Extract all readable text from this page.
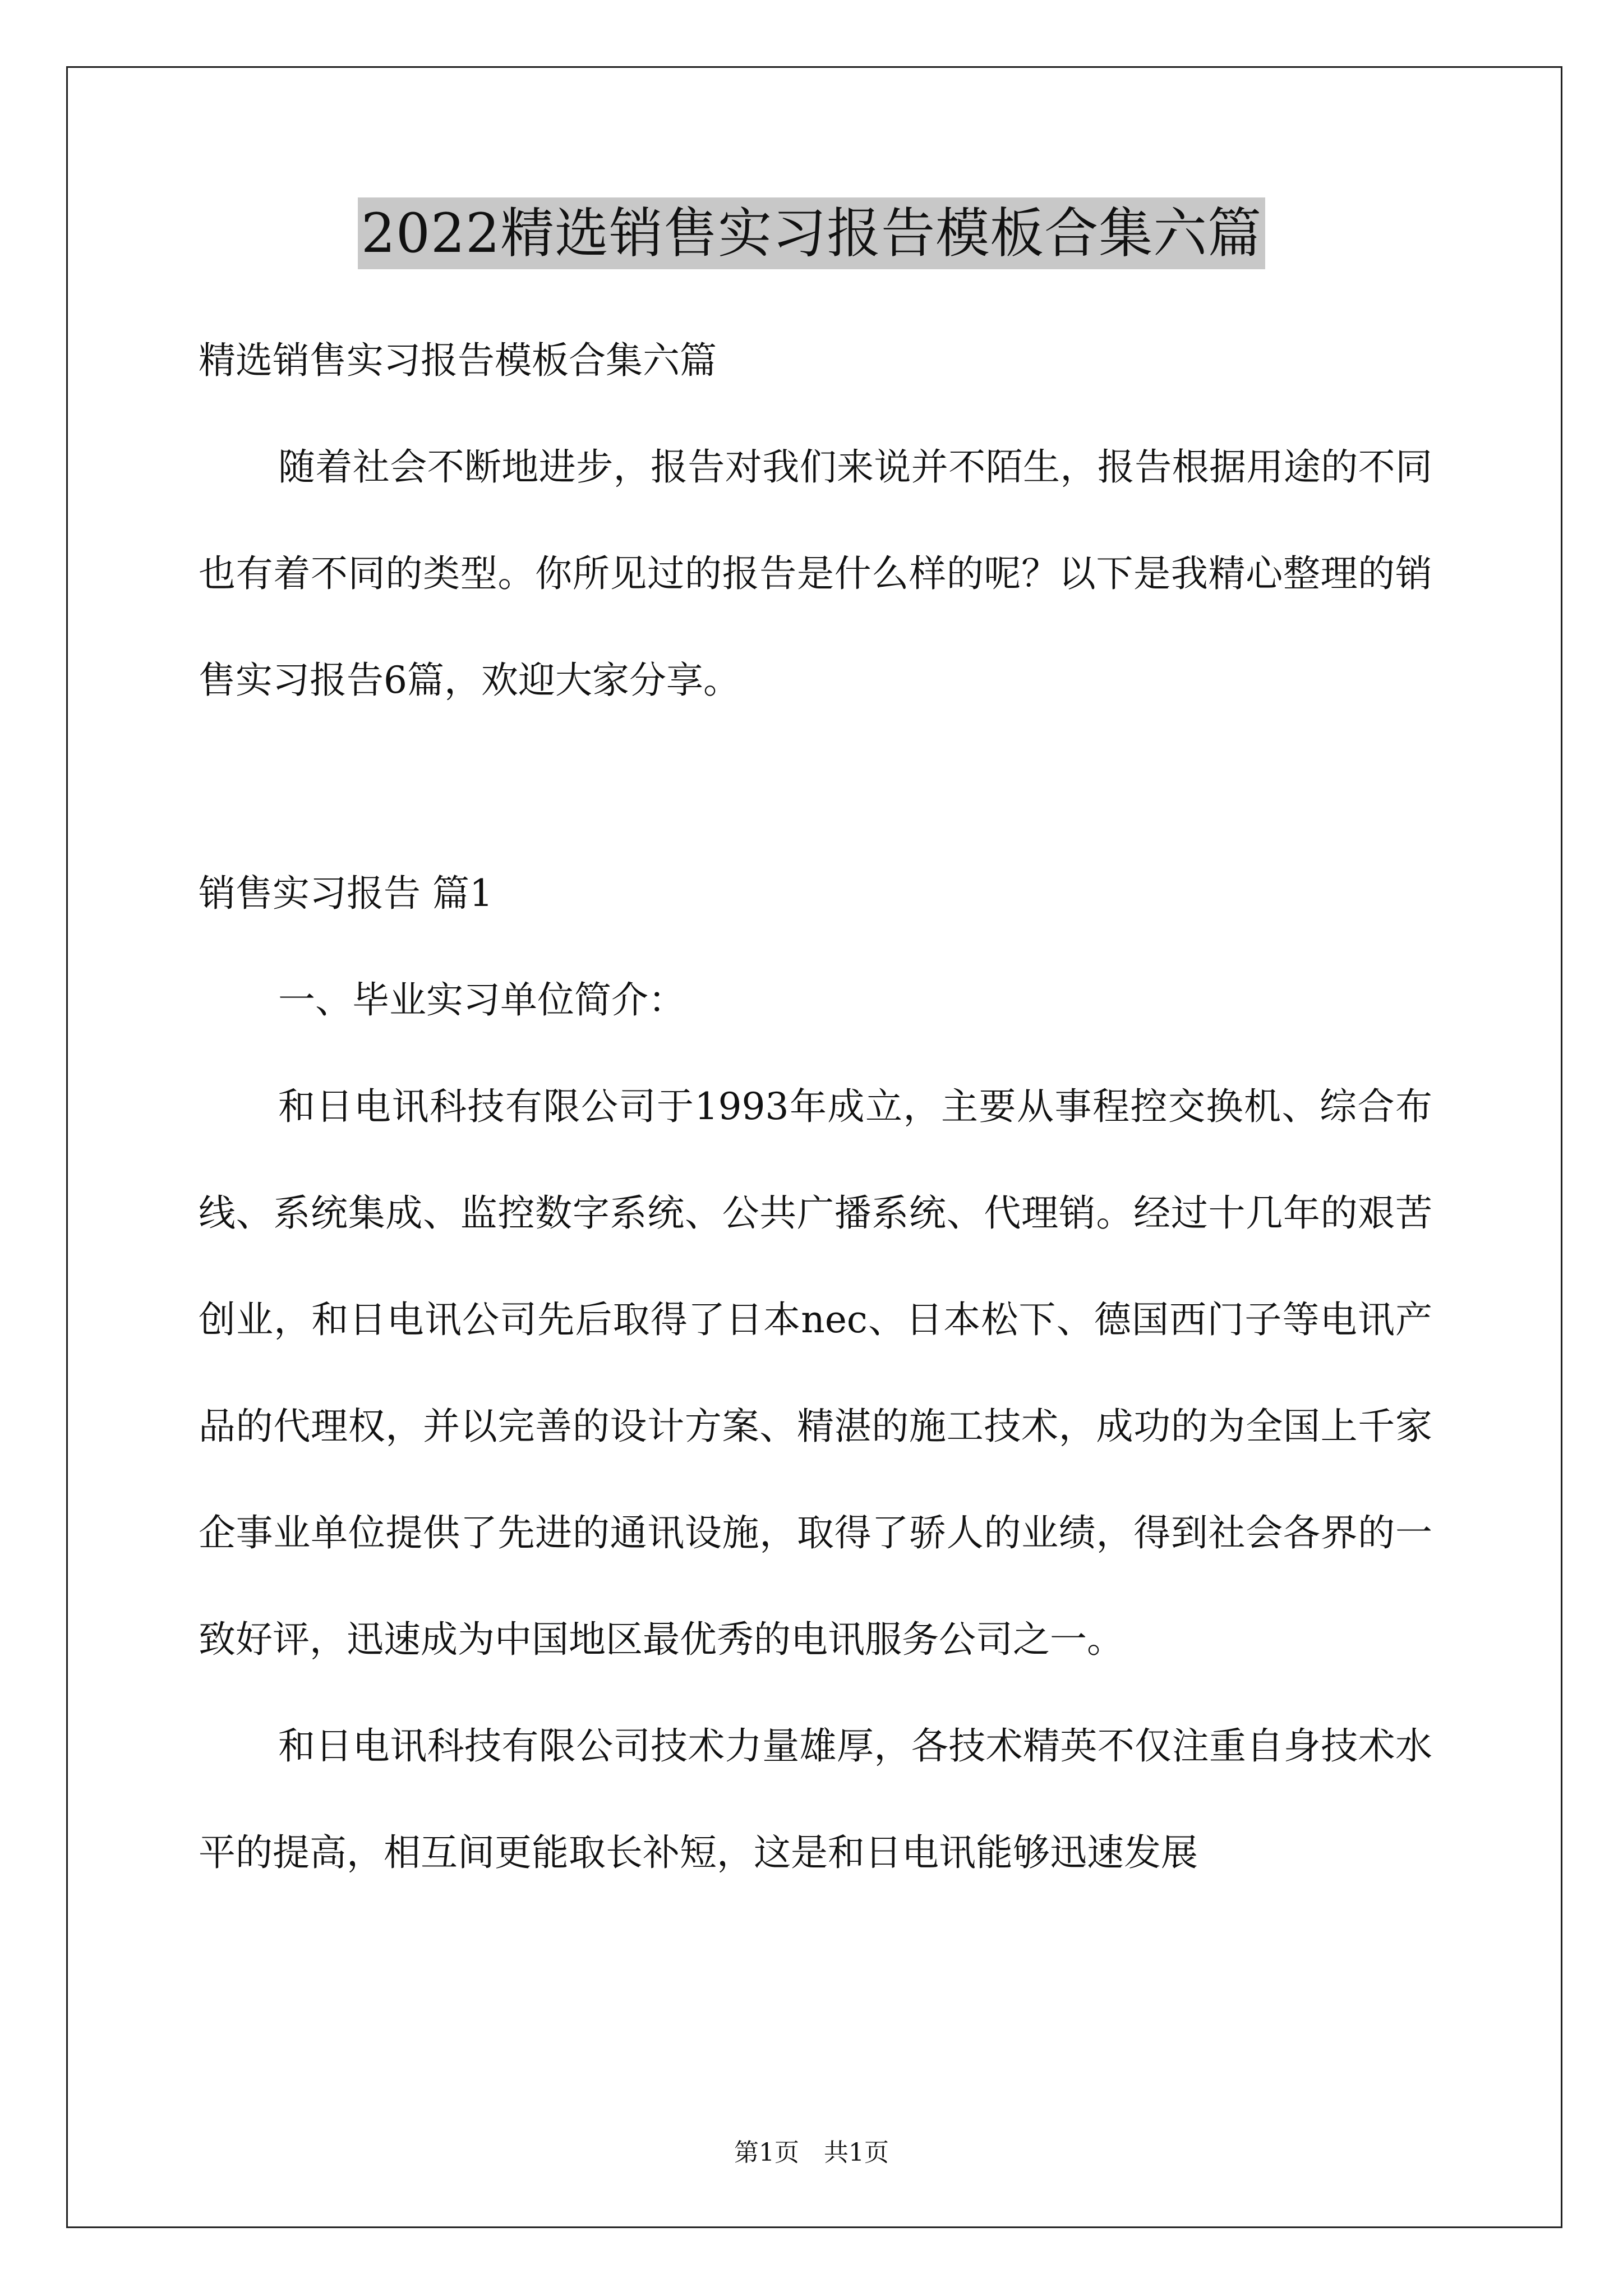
2022精选销售实习报告模板合集六篇

精选销售实习报告模板合集六篇

随着社会不断地进步，报告对我们来说并不陌生，报告根据用途的不同也有着不同的类型。你所见过的报告是什么样的呢？以下是我精心整理的销售实习报告6篇，欢迎大家分享。

销售实习报告 篇1

一、毕业实习单位简介：

和日电讯科技有限公司于1993年成立，主要从事程控交换机、综合布线、系统集成、监控数字系统、公共广播系统、代理销。经过十几年的艰苦创业，和日电讯公司先后取得了日本nec、日本松下、德国西门子等电讯产品的代理权，并以完善的设计方案、精湛的施工技术，成功的为全国上千家企事业单位提供了先进的通讯设施，取得了骄人的业绩，得到社会各界的一致好评，迅速成为中国地区最优秀的电讯服务公司之一。

和日电讯科技有限公司技术力量雄厚，各技术精英不仅注重自身技术水平的提高，相互间更能取长补短，这是和日电讯能够迅速发展

第1页 共1页
